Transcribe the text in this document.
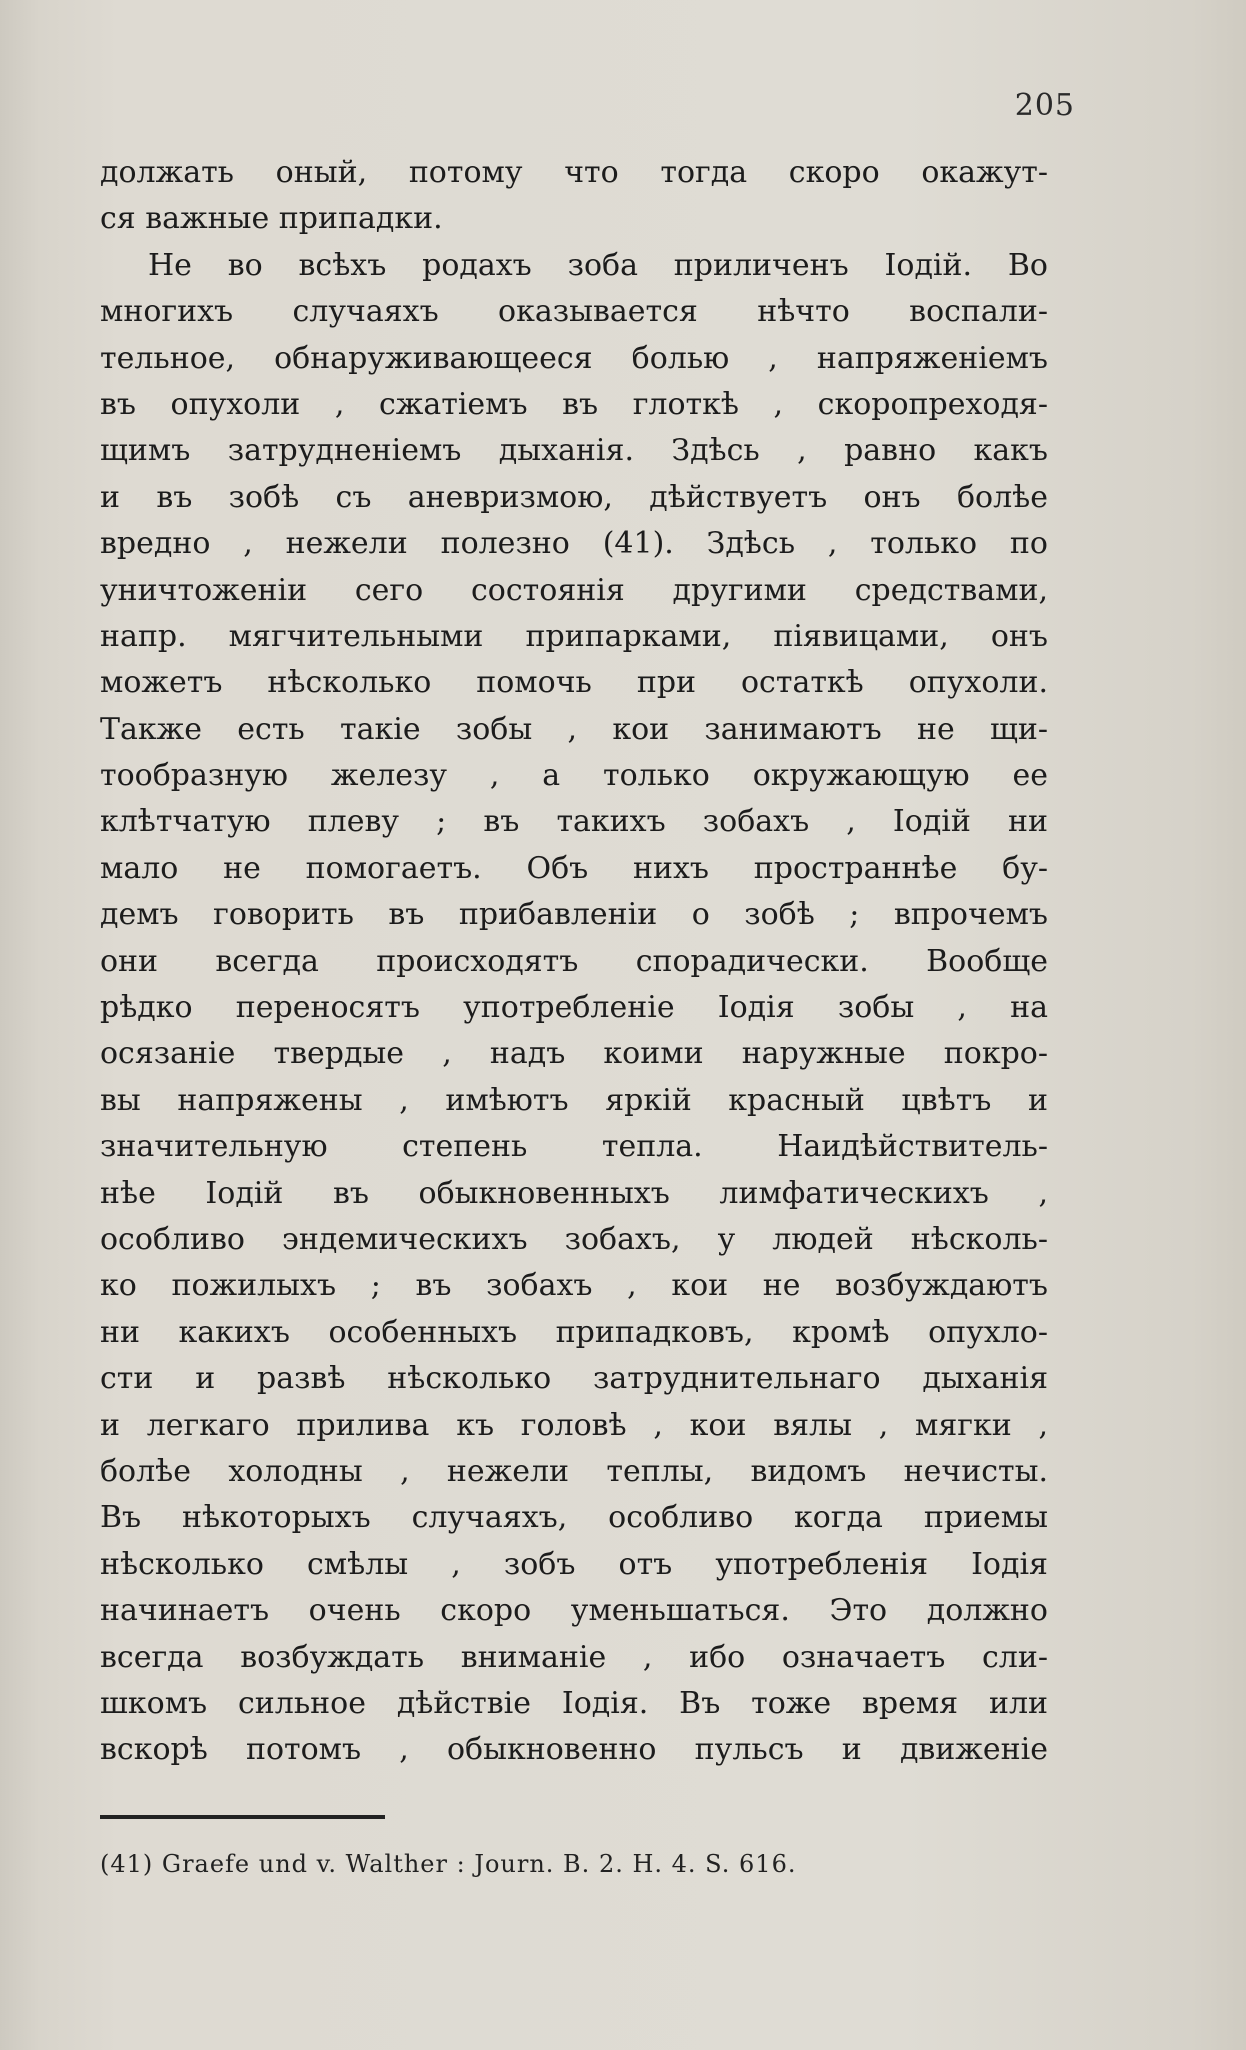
205
должать оный, потому что тогда скоро окажут-
ся важные припадки.
Не во всѣхъ родахъ зоба приличенъ Іодій. Во
многихъ случаяхъ оказывается нѣчто воспали-
тельное, обнаруживающееся болью , напряженіемъ
въ опухоли , сжатіемъ въ глоткѣ , скоропреходя-
щимъ затрудненіемъ дыханія. Здѣсь , равно какъ
и въ зобѣ съ аневризмою, дѣйствуетъ онъ болѣе
вредно , нежели полезно (41). Здѣсь , только по
уничтоженіи сего состоянія другими средствами,
напр. мягчительными припарками, піявицами, онъ
можетъ нѣсколько помочь при остаткѣ опухоли.
Также есть такіе зобы , кои занимаютъ не щи-
тообразную железу , а только окружающую ее
клѣтчатую плеву ; въ такихъ зобахъ , Іодій ни
мало не помогаетъ. Объ нихъ пространнѣе бу-
демъ говорить въ прибавленіи о зобѣ ; впрочемъ
они всегда происходятъ спорадически. Вообще
рѣдко переносятъ употребленіе Іодія зобы , на
осязаніе твердые , надъ коими наружные покро-
вы напряжены , имѣютъ яркій красный цвѣтъ и
значительную степень тепла. Наидѣйствитель-
нѣе Іодій въ обыкновенныхъ лимфатическихъ ,
особливо эндемическихъ зобахъ, у людей нѣсколь-
ко пожилыхъ ; въ зобахъ , кои не возбуждаютъ
ни какихъ особенныхъ припадковъ, кромѣ опухло-
сти и развѣ нѣсколько затруднительнаго дыханія
и легкаго прилива къ головѣ , кои вялы , мягки ,
болѣе холодны , нежели теплы, видомъ нечисты.
Въ нѣкоторыхъ случаяхъ, особливо когда приемы
нѣсколько смѣлы , зобъ отъ употребленія Іодія
начинаетъ очень скоро уменьшаться. Это должно
всегда возбуждать вниманіе , ибо означаетъ сли-
шкомъ сильное дѣйствіе Іодія. Въ тоже время или
вскорѣ потомъ , обыкновенно пульсъ и движеніе
(41) Graefe und v. Walther : Journ. B. 2. H. 4. S. 616.
